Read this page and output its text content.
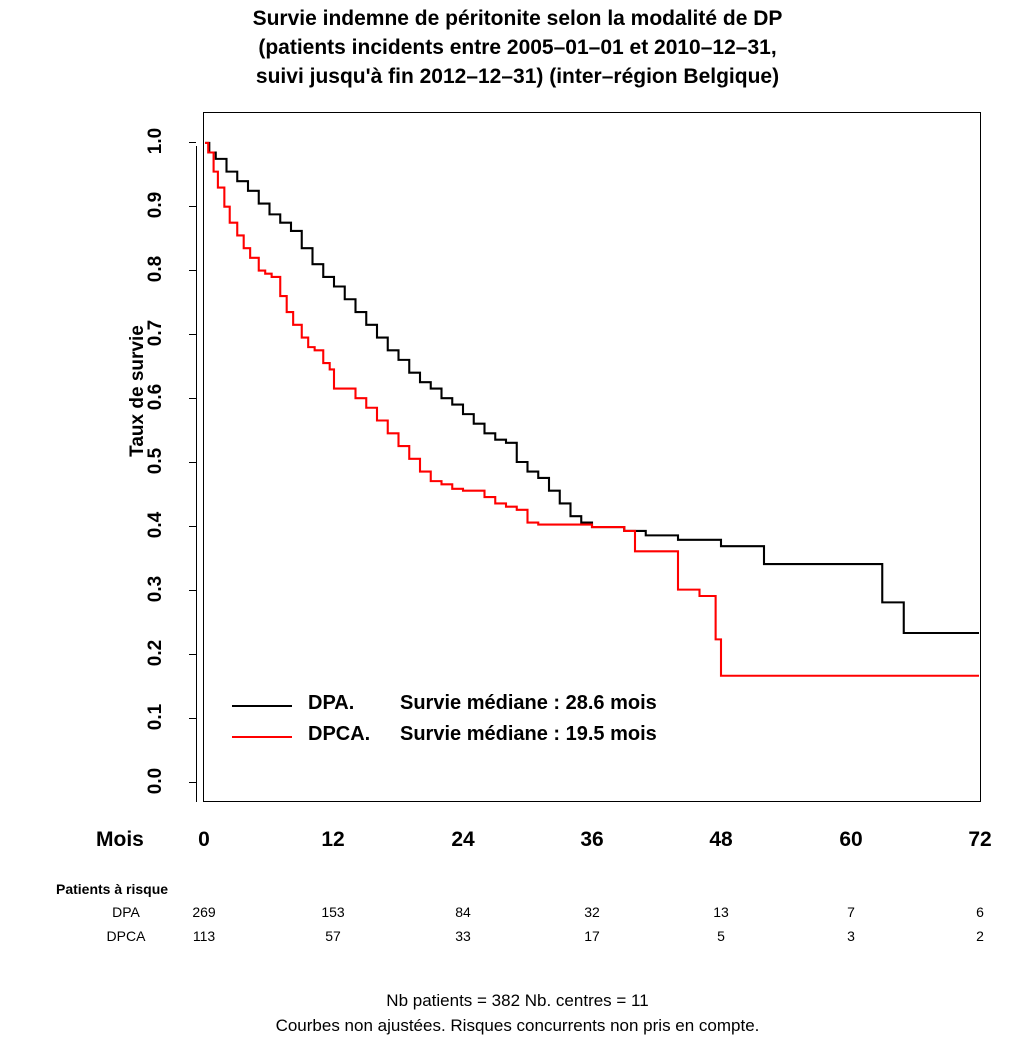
Survie indemne de péritonite selon la modalité de DP
(patients incidents entre 2005–01–01 et 2010–12–31,
suivi jusqu'à fin 2012–12–31) (inter–région Belgique)
0.0
0.1
0.2
0.3
0.4
0.5
0.6
0.7
0.8
0.9
1.0
Taux de survie
DPA. Survie médiane : 28.6 mois
DPCA. Survie médiane : 19.5 mois
Mois	0	12	24	36	48	60	72
Patients à risque
DPA	269	153	84	32	13	7	6
DPCA	113	57	33	17	5	3	2
Nb patients = 382 Nb. centres = 11
Courbes non ajustées. Risques concurrents non pris en compte.
